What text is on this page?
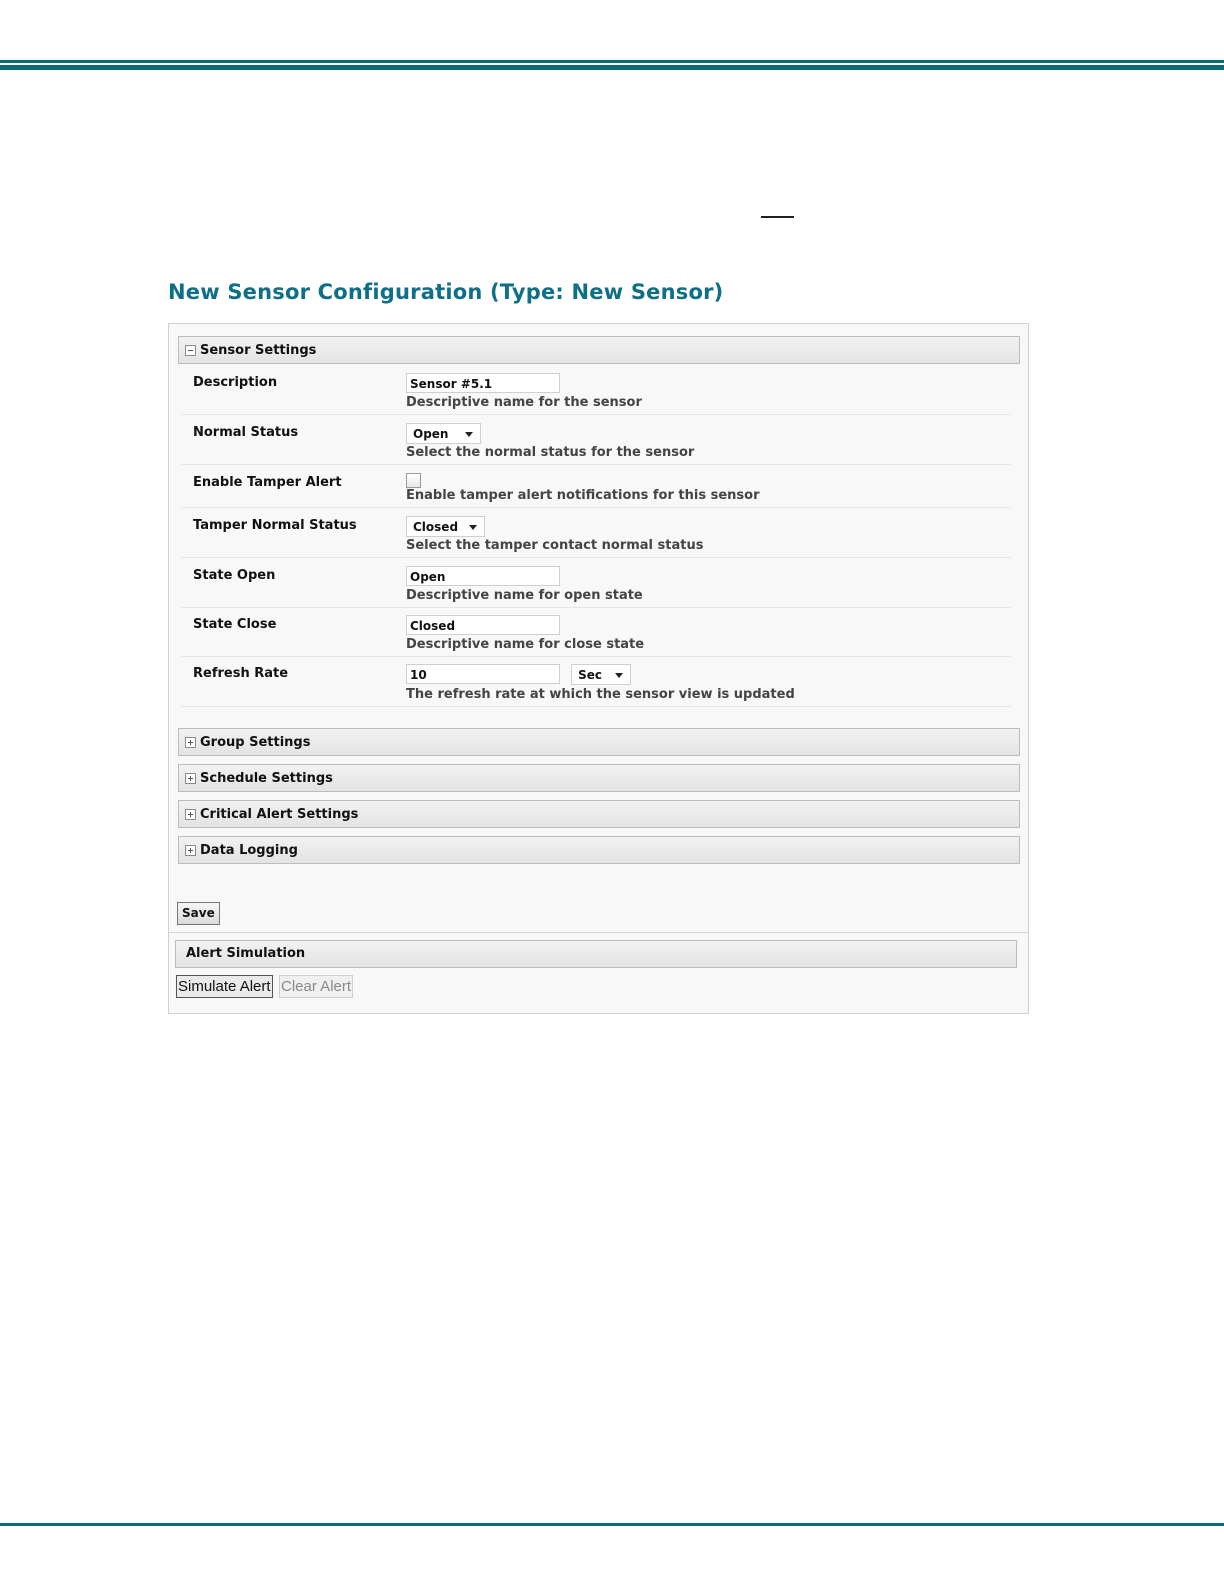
New Sensor Configuration (Type: New Sensor)
Sensor Settings
Description	Sensor #5.1
Descriptive name for the sensor
Normal Status	Open
Select the normal status for the sensor
Enable Tamper Alert
Enable tamper alert notifications for this sensor
Tamper Normal Status	Closed
Select the tamper contact normal status
State Open	Open
Descriptive name for open state
State Close	Closed
Descriptive name for close state
Refresh Rate	10	Sec
The refresh rate at which the sensor view is updated
Group Settings
Schedule Settings
Critical Alert Settings
Data Logging
Save
Alert Simulation
Simulate Alert Clear Alert
